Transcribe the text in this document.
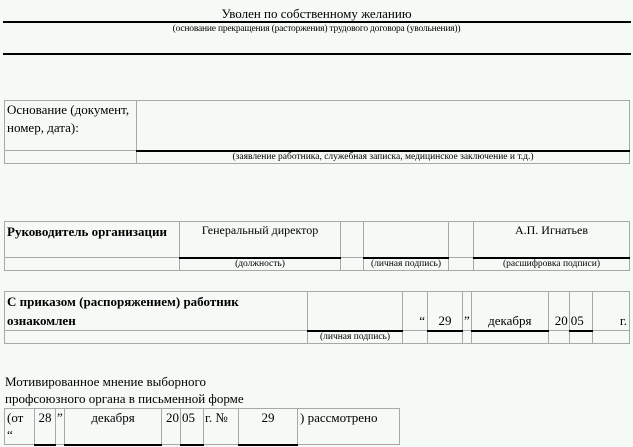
Уволен по собственному желанию
(основание прекращения (расторжения) трудового договора (увольнения))
Основание (документ, номер, дата):	
	(заявление работника, служебная записка, медицинское заключение и т.д.)
Руководитель организации	Генеральный директор				А.П. Игнатьев
	(должность)		(личная подпись)		(расшифровка подписи)
С приказом (распоряжением) работник ознакомлен		“	29	”	декабря	20	05	г.
	(личная подпись)							
Мотивированное мнение выборного
профсоюзного органа в письменной форме
(от “	28	”	декабря	20	05	г. №	29	) рассмотрено
